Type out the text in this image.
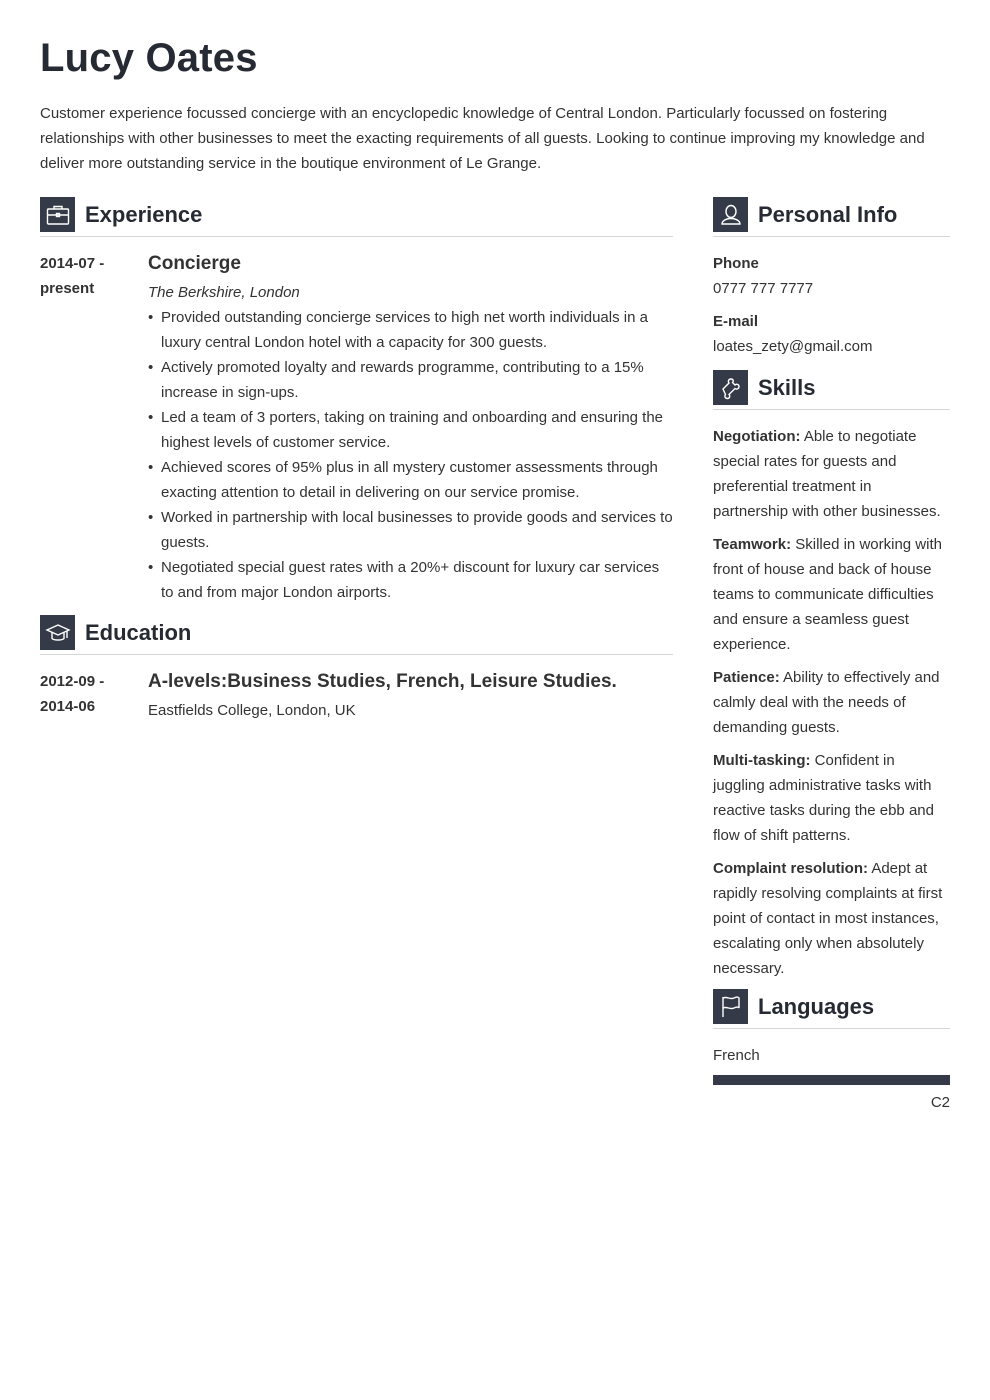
Lucy Oates

Customer experience focussed concierge with an encyclopedic knowledge of Central London. Particularly focussed on fostering relationships with other businesses to meet the exacting requirements of all guests. Looking to continue improving my knowledge and deliver more outstanding service in the boutique environment of Le Grange.

Experience
2014-07 -
present
Concierge
The Berkshire, London
• Provided outstanding concierge services to high net worth individuals in a luxury central London hotel with a capacity for 300 guests.
• Actively promoted loyalty and rewards programme, contributing to a 15% increase in sign-ups.
• Led a team of 3 porters, taking on training and onboarding and ensuring the highest levels of customer service.
• Achieved scores of 95% plus in all mystery customer assessments through exacting attention to detail in delivering on our service promise.
• Worked in partnership with local businesses to provide goods and services to guests.
• Negotiated special guest rates with a 20%+ discount for luxury car services to and from major London airports.
Education
2012-09 -
2014-06
A-levels:Business Studies, French, Leisure Studies.
Eastfields College, London, UK
Personal Info
Phone
0777 777 7777
E-mail
loates_zety@gmail.com
Skills
Negotiation: Able to negotiate special rates for guests and preferential treatment in partnership with other businesses.
Teamwork: Skilled in working with front of house and back of house teams to communicate difficulties and ensure a seamless guest experience.
Patience: Ability to effectively and calmly deal with the needs of demanding guests.
Multi-tasking: Confident in juggling administrative tasks with reactive tasks during the ebb and flow of shift patterns.
Complaint resolution: Adept at rapidly resolving complaints at first point of contact in most instances, escalating only when absolutely necessary.
Languages
French
C2
